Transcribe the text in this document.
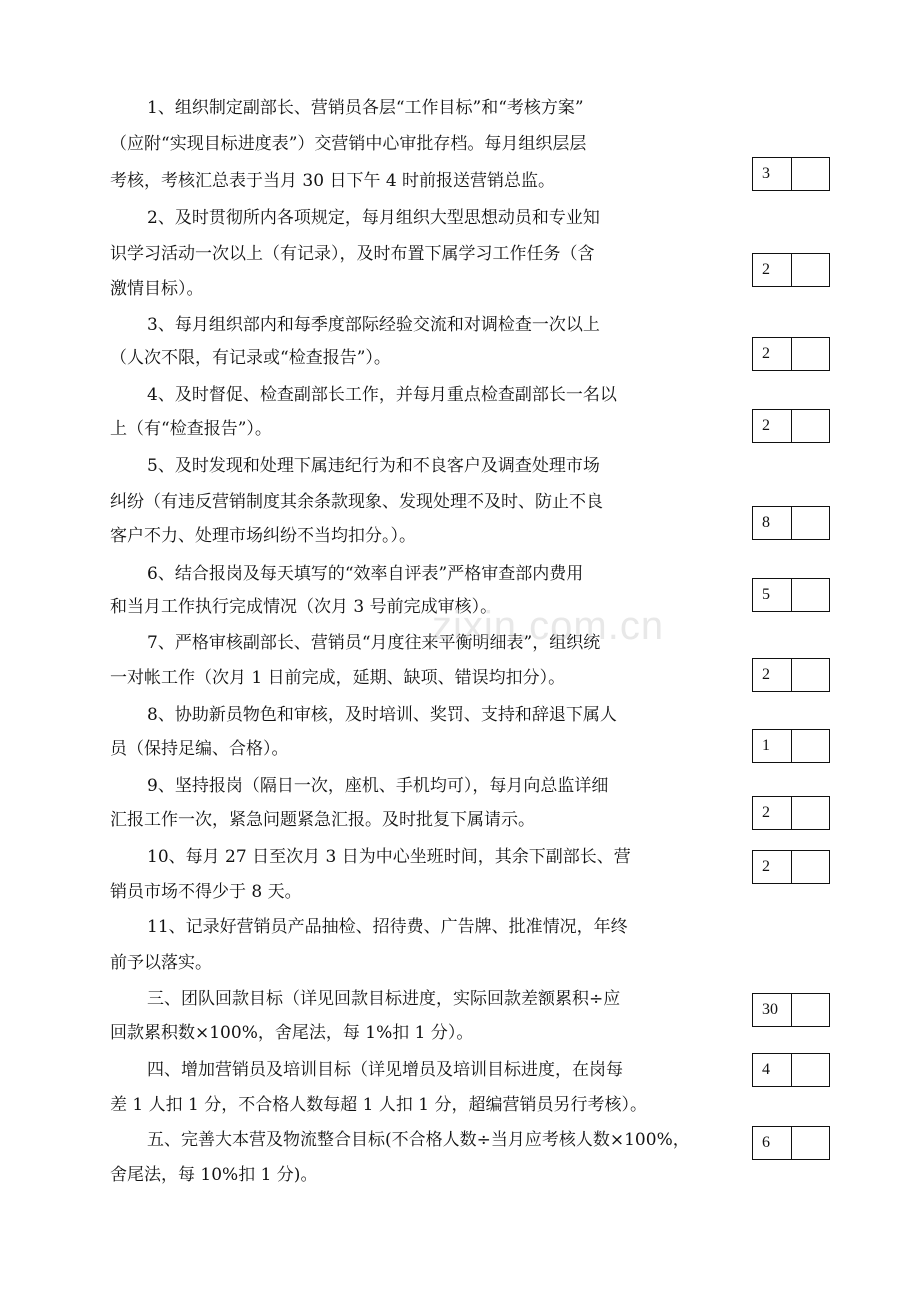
1、组织制定副部长、营销员各层“工作目标”和“考核方案”
（应附“实现目标进度表”）交营销中心审批存档。每月组织层层
考核，考核汇总表于当月 30 日下午 4 时前报送营销总监。
2、及时贯彻所内各项规定，每月组织大型思想动员和专业知
识学习活动一次以上（有记录），及时布置下属学习工作任务（含
激情目标）。
3、每月组织部内和每季度部际经验交流和对调检查一次以上
（人次不限，有记录或“检查报告”）。
4、及时督促、检查副部长工作，并每月重点检查副部长一名以
上（有“检查报告”）。
5、及时发现和处理下属违纪行为和不良客户及调查处理市场
纠纷（有违反营销制度其余条款现象、发现处理不及时、防止不良
客户不力、处理市场纠纷不当均扣分。）。
6、结合报岗及每天填写的“效率自评表”严格审查部内费用
和当月工作执行完成情况（次月 3 号前完成审核）。
7、严格审核副部长、营销员“月度往来平衡明细表”，组织统
一对帐工作（次月 1 日前完成，延期、缺项、错误均扣分）。
8、协助新员物色和审核，及时培训、奖罚、支持和辞退下属人
员（保持足编、合格）。
9、坚持报岗（隔日一次，座机、手机均可），每月向总监详细
汇报工作一次，紧急问题紧急汇报。及时批复下属请示。
10、每月 27 日至次月 3 日为中心坐班时间，其余下副部长、营
销员市场不得少于 8 天。
11、记录好营销员产品抽检、招待费、广告牌、批准情况，年终
前予以落实。
三、团队回款目标（详见回款目标进度，实际回款差额累积÷应
回款累积数×100%，舍尾法，每 1%扣 1 分）。
四、增加营销员及培训目标（详见增员及培训目标进度，在岗每
差 1 人扣 1 分，不合格人数每超 1 人扣 1 分，超编营销员另行考核）。
五、完善大本营及物流整合目标(不合格人数÷当月应考核人数×100%，
舍尾法，每 10%扣 1 分)。
3
2
2
2
8
5
2
1
2
2
30
4
6
zixin.com.cn
